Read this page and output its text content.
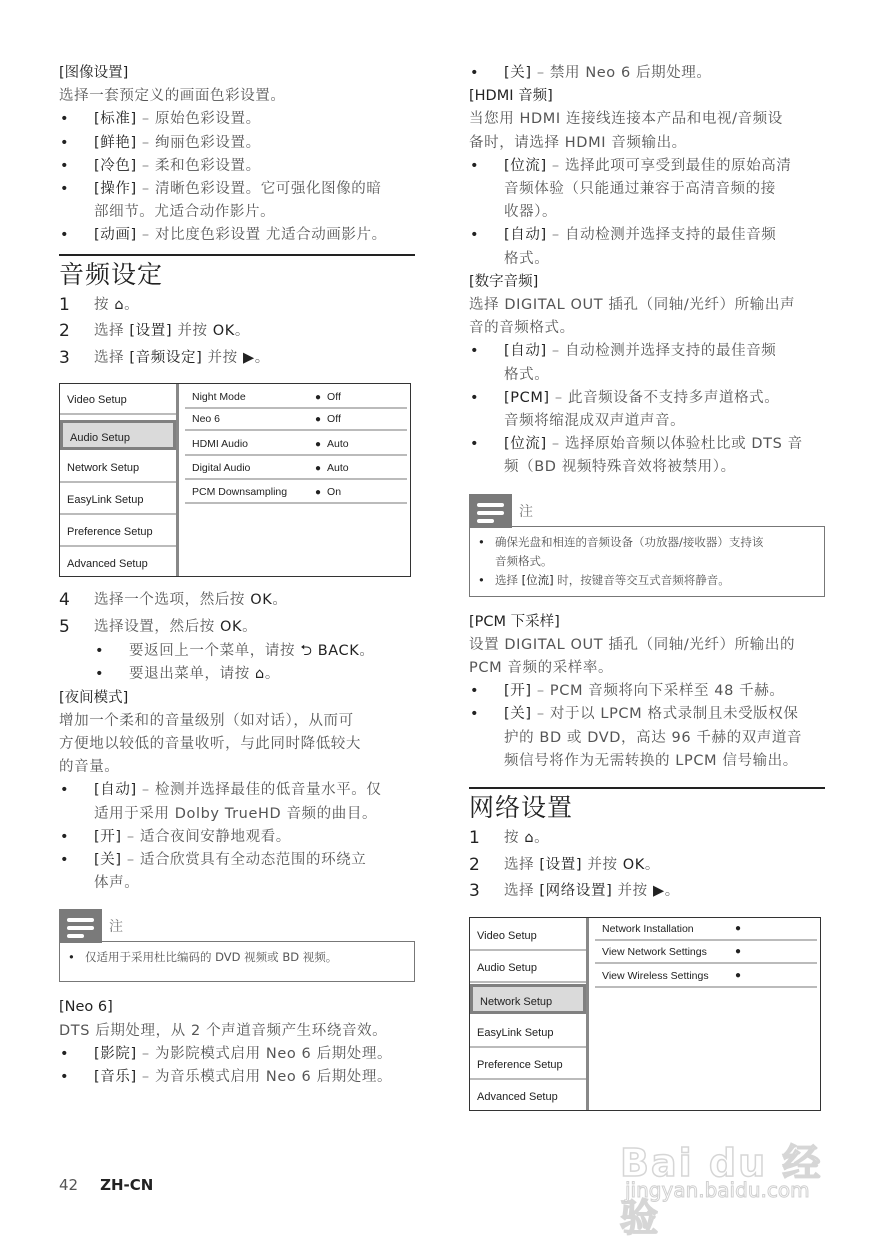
[图像设置]
选择一套预定义的画面色彩设置。
• [标准] – 原始色彩设置。
• [鲜艳] – 绚丽色彩设置。
• [冷色] – 柔和色彩设置。
• [操作] – 清晰色彩设置。它可强化图像的暗
部细节。尤适合动作影片。
• [动画] – 对比度色彩设置 尤适合动画影片。
音频设定
1 按 ⌂。
2 选择 [设置] 并按 OK。
3 选择 [音频设定] 并按 ▶。
Video Setup
Audio Setup
Network Setup
EasyLink Setup
Preference Setup
Advanced Setup
Night Mode	● Off
Neo 6	● Off
HDMI Audio	● Auto
Digital Audio	● Auto
PCM Downsampling	● On
4 选择一个选项，然后按 OK。
5 选择设置，然后按 OK。
• 要返回上一个菜单，请按 ⮌ BACK。
• 要退出菜单，请按 ⌂。
[夜间模式]
增加一个柔和的音量级别（如对话），从而可
方便地以较低的音量收听，与此同时降低较大
的音量。
• [自动] – 检测并选择最佳的低音量水平。仅
适用于采用 Dolby TrueHD 音频的曲目。
• [开] – 适合夜间安静地观看。
• [关] – 适合欣赏具有全动态范围的环绕立
体声。
注
• 仅适用于采用杜比编码的 DVD 视频或 BD 视频。
[Neo 6]
DTS 后期处理，从 2 个声道音频产生环绕音效。
• [影院] – 为影院模式启用 Neo 6 后期处理。
• [音乐] – 为音乐模式启用 Neo 6 后期处理。
• [关] – 禁用 Neo 6 后期处理。
[HDMI 音频]
当您用 HDMI 连接线连接本产品和电视/音频设
备时，请选择 HDMI 音频输出。
• [位流] – 选择此项可享受到最佳的原始高清
音频体验（只能通过兼容于高清音频的接
收器）。
• [自动] – 自动检测并选择支持的最佳音频
格式。
[数字音频]
选择 DIGITAL OUT 插孔（同轴/光纤）所输出声
音的音频格式。
• [自动] – 自动检测并选择支持的最佳音频
格式。
• [PCM] – 此音频设备不支持多声道格式。
音频将缩混成双声道声音。
• [位流] – 选择原始音频以体验杜比或 DTS 音
频（BD 视频特殊音效将被禁用）。
注
• 确保光盘和相连的音频设备（功放器/接收器）支持该
音频格式。
• 选择 [位流] 时，按键音等交互式音频将静音。
[PCM 下采样]
设置 DIGITAL OUT 插孔（同轴/光纤）所输出的
PCM 音频的采样率。
• [开] – PCM 音频将向下采样至 48 千赫。
• [关] – 对于以 LPCM 格式录制且未受版权保
护的 BD 或 DVD，高达 96 千赫的双声道音
频信号将作为无需转换的 LPCM 信号输出。
网络设置
1 按 ⌂。
2 选择 [设置] 并按 OK。
3 选择 [网络设置] 并按 ▶。
Video Setup
Audio Setup
Network Setup
EasyLink Setup
Preference Setup
Advanced Setup
Network Installation	●
View Network Settings	●
View Wireless Settings	●
42 ZH-CN	Bai du 经验
jingyan.baidu.com
